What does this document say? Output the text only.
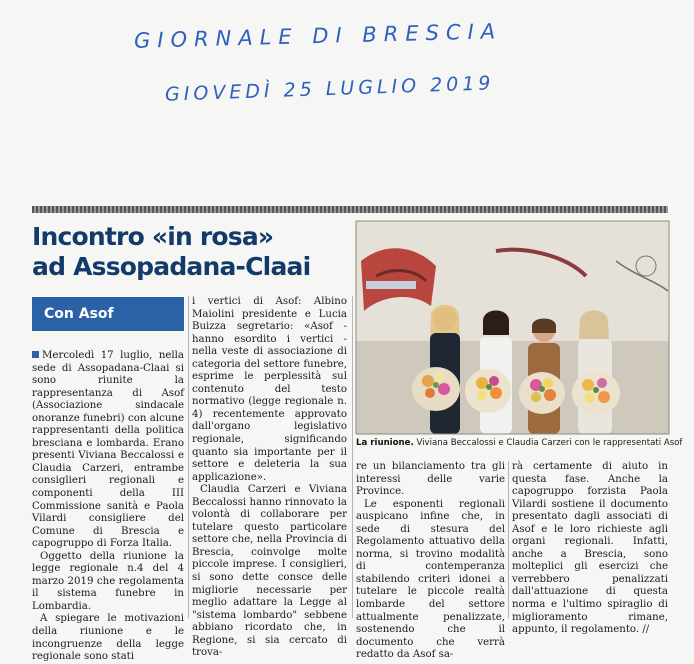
GIORNALE DI BRESCIA
GIOVEDÌ 25 LUGLIO 2019
Incontro «in rosa»
ad Assopadana-Claai
Con Asof
La riunione. Viviana Beccalossi e Claudia Carzeri con le rappresentati Asof

Mercoledì 17 luglio, nella sede di Assopadana-Claai si sono riunite la rappresentanza di Asof (Associazione sindacale onoranze funebri) con alcune rappresentanti della politica bresciana e lombarda. Erano presenti Viviana Beccalossi e Claudia Carzeri, entrambe consiglieri regionali e componenti della III Commissione sanità e Paola Vilardi consigliere del Comune di Brescia e capogruppo di Forza Italia.

Oggetto della riunione la legge regionale n.4 del 4 marzo 2019 che regolamenta il sistema funebre in Lombardia.

A spiegare le motivazioni della riunione e le incongruenze della legge regionale sono stati

i vertici di Asof: Albino Maiolini presidente e Lucia Buizza segretario: «Asof - hanno esordito i vertici - nella veste di associazione di categoria del settore funebre, esprime le perplessità sul contenuto del testo normativo (legge regionale n. 4) recentemente approvato dall'organo legislativo regionale, significando quanto sia importante per il settore e deleteria la sua applicazione».

Claudia Carzeri e Viviana Beccalossi hanno rinnovato la volontà di collaborare per tutelare questo particolare settore che, nella Provincia di Brescia, coinvolge molte piccole imprese. I consiglieri, si sono dette consce delle migliorie necessarie per meglio adattare la Legge al "sistema lombardo" sebbene abbiano ricordato che, in Regione, si sia cercato di trova-

re un bilanciamento tra gli interessi delle varie Province.

Le esponenti regionali auspicano infine che, in sede di stesura del Regolamento attuativo della norma, si trovino modalità di contemperanza stabilendo criteri idonei a tutelare le piccole realtà lombarde del settore attualmente penalizzate, sostenendo che il documento che verrà redatto da Asof sa-

rà certamente di aiuto in questa fase. Anche la capogruppo forzista Paola Vilardi sostiene il documento presentato dagli associati di Asof e le loro richieste agli organi regionali. Infatti, anche a Brescia, sono molteplici gli esercizi che verrebbero penalizzati dall'attuazione di questa norma e l'ultimo spiraglio di miglioramento rimane, appunto, il regolamento. //
